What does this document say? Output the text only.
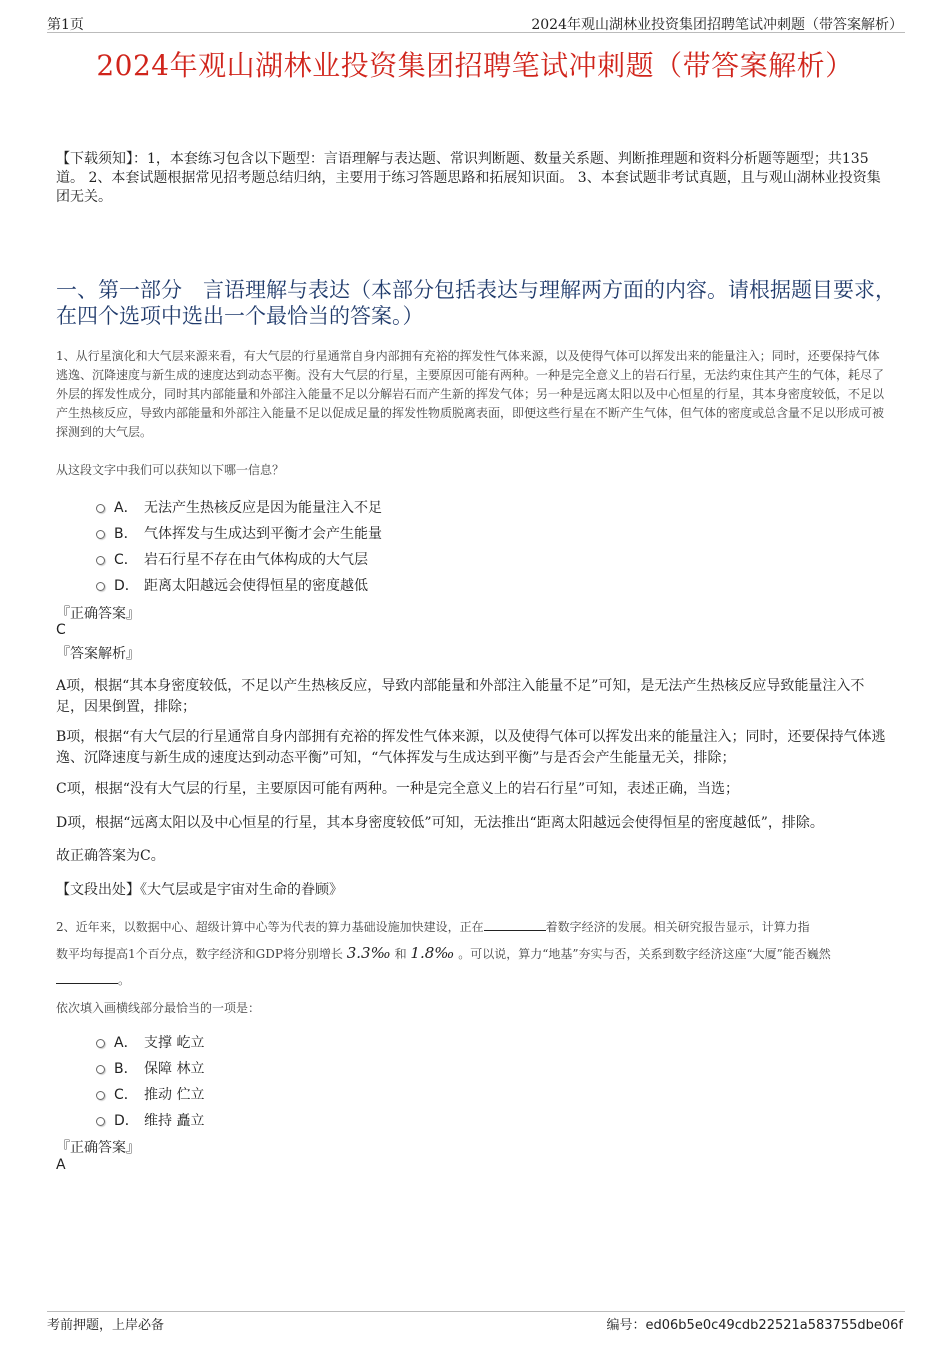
第1页	2024年观山湖林业投资集团招聘笔试冲刺题（带答案解析）
2024年观山湖林业投资集团招聘笔试冲刺题（带答案解析）
【下载须知】：1，本套练习包含以下题型：言语理解与表达题、常识判断题、数量关系题、判断推理题和资料分析题等题型；共135道。 2、本套试题根据常见招考题总结归纳，主要用于练习答题思路和拓展知识面。 3、本套试题非考试真题，且与观山湖林业投资集团无关。
一、第一部分　言语理解与表达（本部分包括表达与理解两方面的内容。请根据题目要求，在四个选项中选出一个最恰当的答案。）
1、从行星演化和大气层来源来看，有大气层的行星通常自身内部拥有充裕的挥发性气体来源，以及使得气体可以挥发出来的能量注入；同时，还要保持气体逃逸、沉降速度与新生成的速度达到动态平衡。没有大气层的行星，主要原因可能有两种。一种是完全意义上的岩石行星，无法约束住其产生的气体，耗尽了外层的挥发性成分，同时其内部能量和外部注入能量不足以分解岩石而产生新的挥发气体；另一种是远离太阳以及中心恒星的行星，其本身密度较低，不足以产生热核反应，导致内部能量和外部注入能量不足以促成足量的挥发性物质脱离表面，即便这些行星在不断产生气体，但气体的密度或总含量不足以形成可被探测到的大气层。
从这段文字中我们可以获知以下哪一信息？
A． 无法产生热核反应是因为能量注入不足
B． 气体挥发与生成达到平衡才会产生能量
C． 岩石行星不存在由气体构成的大气层
D． 距离太阳越远会使得恒星的密度越低
『正确答案』
C
『答案解析』
A项，根据“其本身密度较低，不足以产生热核反应，导致内部能量和外部注入能量不足”可知，是无法产生热核反应导致能量注入不足，因果倒置，排除；
B项，根据“有大气层的行星通常自身内部拥有充裕的挥发性气体来源，以及使得气体可以挥发出来的能量注入；同时，还要保持气体逃逸、沉降速度与新生成的速度达到动态平衡”可知，“气体挥发与生成达到平衡”与是否会产生能量无关，排除；
C项，根据“没有大气层的行星，主要原因可能有两种。一种是完全意义上的岩石行星”可知，表述正确，当选；
D项，根据“远离太阳以及中心恒星的行星，其本身密度较低”可知，无法推出“距离太阳越远会使得恒星的密度越低”，排除。
故正确答案为C。
【文段出处】《大气层或是宇宙对生命的眷顾》
2、近年来，以数据中心、超级计算中心等为代表的算力基础设施加快建设，正在	着数字经济的发展。相关研究报告显示，计算力指
数平均每提高1个百分点，数字经济和GDP将分别增长 3.3‰ 和 1.8‰ 。可以说，算力“地基”夯实与否，关系到数字经济这座“大厦”能否巍然
。
依次填入画横线部分最恰当的一项是：
A． 支撑 屹立
B． 保障 林立
C． 推动 伫立
D． 维持 矗立
『正确答案』
A
考前押题，上岸必备	编号：ed06b5e0c49cdb22521a583755dbe06f
